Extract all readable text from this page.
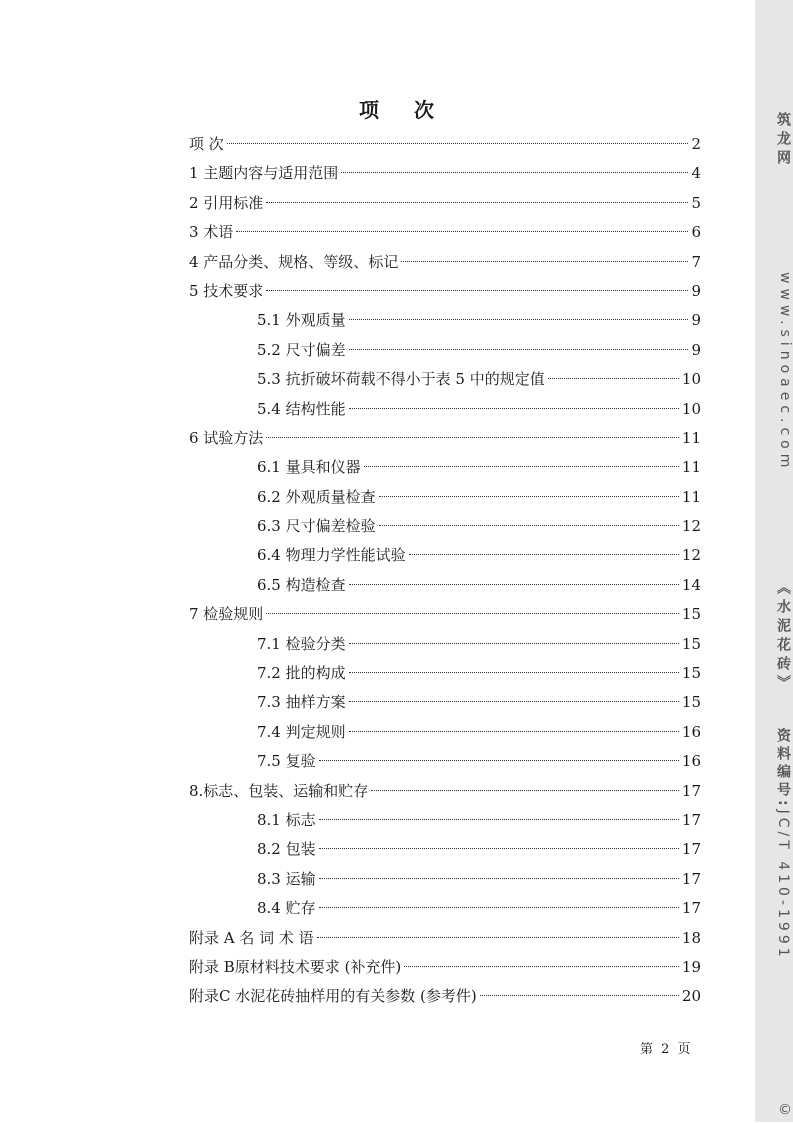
项 次
项 次	2
1 主题内容与适用范围	4
2 引用标准	5
3 术语	6
4 产品分类、规格、等级、标记	7
5 技术要求	9
5.1 外观质量	9
5.2 尺寸偏差	9
5.3 抗折破坏荷载不得小于表 5 中的规定值	10
5.4 结构性能	10
6 试验方法	11
6.1 量具和仪器	11
6.2 外观质量检查	11
6.3 尺寸偏差检验	12
6.4 物理力学性能试验	12
6.5 构造检查	14
7 检验规则	15
7.1 检验分类	15
7.2 批的构成	15
7.3 抽样方案	15
7.4 判定规则	16
7.5 复验	16
8.标志、包装、运输和贮存	17
8.1 标志	17
8.2 包装	17
8.3 运输	17
8.4 贮存	17
附录 A 名 词 术 语	18
附录 B原材料技术要求 (补充件)	19
附录C 水泥花砖抽样用的有关参数 (参考件)	20
第 2 页
筑龙网
www.sinoaec.com
《水泥花砖》
资料编号:JC/T 410-1991
©
